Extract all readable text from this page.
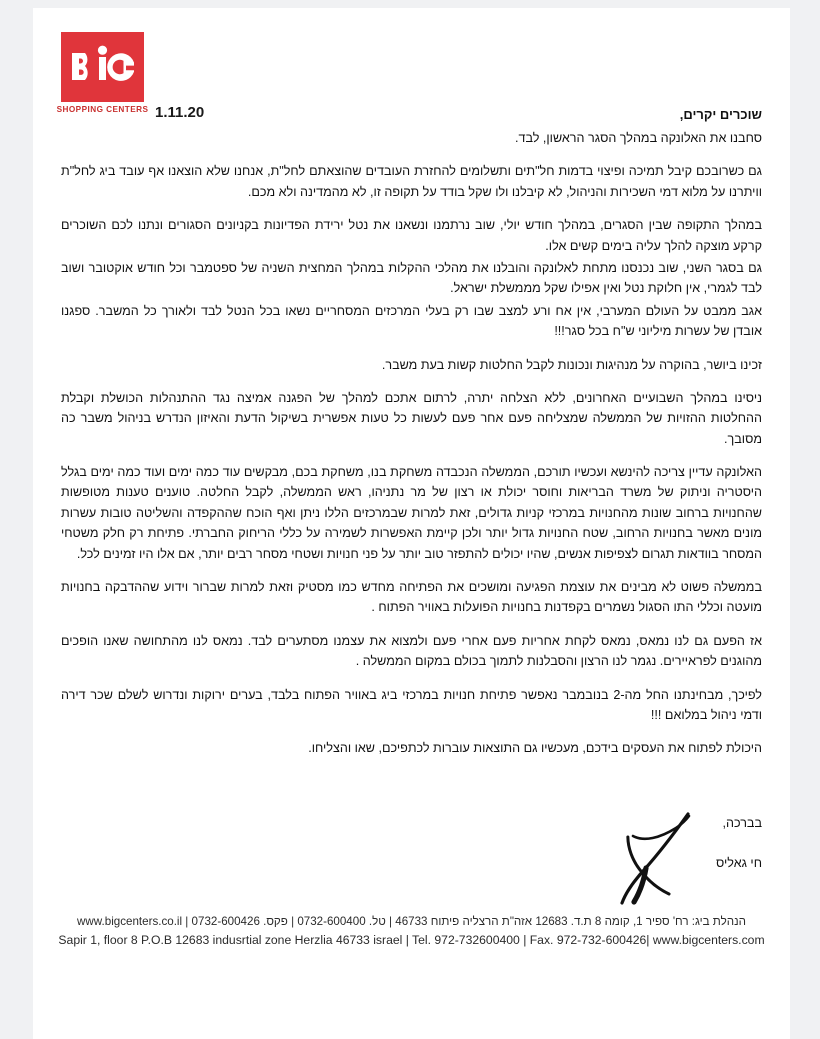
SHOPPING CENTERS 1.11.20	שוכרים יקרים,

סחבנו את האלונקה במהלך הסגר הראשון, לבד.

גם כשרובכם קיבל תמיכה ופיצוי בדמות חל"תים ותשלומים להחזרת העובדים שהוצאתם לחל"ת, אנחנו שלא הוצאנו אף עובד ביג לחל"ת וויתרנו על מלוא דמי השכירות והניהול, לא קיבלנו ולו שקל בודד על תקופה זו, לא מהמדינה ולא מכם.

במהלך התקופה שבין הסגרים, במהלך חודש יולי, שוב נרתמנו ונשאנו את נטל ירידת הפדיונות בקניונים הסגורים ונתנו לכם השוכרים קרקע מוצקה להלך עליה בימים קשים אלו.

גם בסגר השני, שוב נכנסנו מתחת לאלונקה והובלנו את מהלכי ההקלות במהלך המחצית השניה של ספטמבר וכל חודש אוקטובר ושוב לבד לגמרי, אין חלוקת נטל ואין אפילו שקל מממשלת ישראל.

אגב ממבט על העולם המערבי, אין אח ורע למצב שבו רק בעלי המרכזים המסחריים נשאו בכל הנטל לבד ולאורך כל המשבר. ספגנו אובדן של עשרות מיליוני ש"ח בכל סגר!!!

זכינו ביושר, בהוקרה על מנהיגות ונכונות לקבל החלטות קשות בעת משבר.

ניסינו במהלך השבועיים האחרונים, ללא הצלחה יתרה, לרתום אתכם למהלך של הפגנה אמיצה נגד ההתנהלות הכושלת וקבלת ההחלטות ההזויות של הממשלה שמצליחה פעם אחר פעם לעשות כל טעות אפשרית בשיקול הדעת והאיזון הנדרש בניהול משבר כה מסובך.

האלונקה עדיין צריכה להינשא ועכשיו תורכם, הממשלה הנכבדה משחקת בנו, משחקת בכם, מבקשים עוד כמה ימים ועוד כמה ימים בגלל היסטריה וניתוק של משרד הבריאות וחוסר יכולת או רצון של מר נתניהו, ראש הממשלה, לקבל החלטה. טוענים טענות מטופשות שהחנויות ברחוב שונות מהחנויות במרכזי קניות גדולים, זאת למרות שבמרכזים הללו ניתן ואף הוכח שההקפדה והשליטה טובות עשרות מונים מאשר בחנויות הרחוב, שטח החנויות גדול יותר ולכן קיימת האפשרות לשמירה על כללי הריחוק החברתי. פתיחת רק חלק משטחי המסחר בוודאות תגרום לצפיפות אנשים, שהיו יכולים להתפזר טוב יותר על פני חנויות ושטחי מסחר רבים יותר, אם אלו היו זמינים לכל.

בממשלה פשוט לא מבינים את עוצמת הפגיעה ומושכים את הפתיחה מחדש כמו מסטיק וזאת למרות שברור וידוע שההדבקה בחנויות מועטה וכללי התו הסגול נשמרים בקפדנות בחנויות הפועלות באוויר הפתוח .

אז הפעם גם לנו נמאס, נמאס לקחת אחריות פעם אחרי פעם ולמצוא את עצמנו מסתערים לבד. נמאס לנו מהתחושה שאנו הופכים מהוגנים לפראיירים. נגמר לנו הרצון והסבלנות לתמוך בכולם במקום הממשלה .

לפיכך, מבחינתנו החל מה-2 בנובמבר נאפשר פתיחת חנויות במרכזי ביג באוויר הפתוח בלבד, בערים ירוקות ונדרוש לשלם שכר דירה ודמי ניהול במלואם !!!

היכולת לפתוח את העסקים בידכם, מעכשיו גם התוצאות עוברות לכתפיכם, שאו והצליחו.

בברכה,
חי גאליס
הנהלת ביג: רח' ספיר 1, קומה 8 ת.ד. 12683 אזה"ת הרצליה פיתוח 46733 | טל. 0732-600400 | פקס. 0732-600426 | www.bigcenters.co.il
Sapir 1, floor 8 P.O.B 12683 indusrtial zone Herzlia 46733 israel | Tel. 972-732600400 | Fax. 972-732-600426| www.bigcenters.com
